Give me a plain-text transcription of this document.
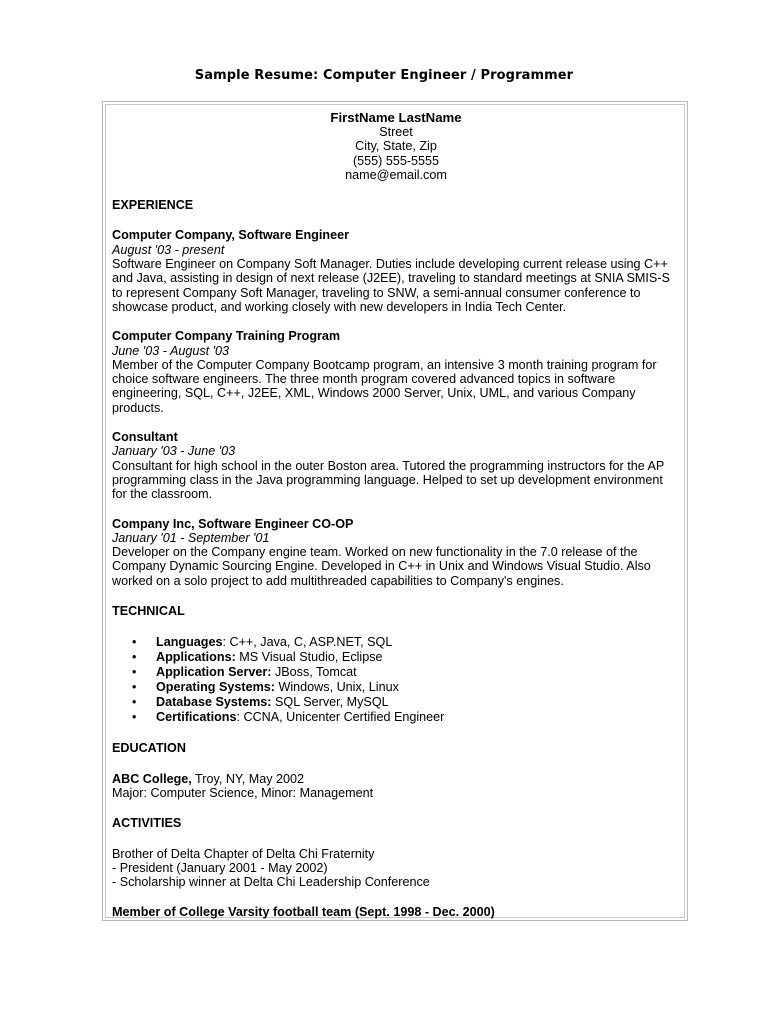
Sample Resume: Computer Engineer / Programmer
FirstName LastName
Street
City, State, Zip
(555) 555-5555
name@email.com
EXPERIENCE
Computer Company, Software Engineer
August '03 - present
Software Engineer on Company Soft Manager. Duties include developing current release using C++ and Java, assisting in design of next release (J2EE), traveling to standard meetings at SNIA SMIS-S to represent Company Soft Manager, traveling to SNW, a semi-annual consumer conference to showcase product, and working closely with new developers in India Tech Center.
Computer Company Training Program
June '03 - August '03
Member of the Computer Company Bootcamp program, an intensive 3 month training program for choice software engineers. The three month program covered advanced topics in software engineering, SQL, C++, J2EE, XML, Windows 2000 Server, Unix, UML, and various Company products.
Consultant
January '03 - June '03
Consultant for high school in the outer Boston area. Tutored the programming instructors for the AP programming class in the Java programming language. Helped to set up development environment for the classroom.
Company Inc, Software Engineer CO-OP
January '01 - September '01
Developer on the Company engine team. Worked on new functionality in the 7.0 release of the Company Dynamic Sourcing Engine. Developed in C++ in Unix and Windows Visual Studio. Also worked on a solo project to add multithreaded capabilities to Company's engines.
TECHNICAL
• Languages: C++, Java, C, ASP.NET, SQL
• Applications: MS Visual Studio, Eclipse
• Application Server: JBoss, Tomcat
• Operating Systems: Windows, Unix, Linux
• Database Systems: SQL Server, MySQL
• Certifications: CCNA, Unicenter Certified Engineer
EDUCATION
ABC College, Troy, NY, May 2002
Major: Computer Science, Minor: Management
ACTIVITIES
Brother of Delta Chapter of Delta Chi Fraternity
- President (January 2001 - May 2002)
- Scholarship winner at Delta Chi Leadership Conference
Member of College Varsity football team (Sept. 1998 - Dec. 2000)
